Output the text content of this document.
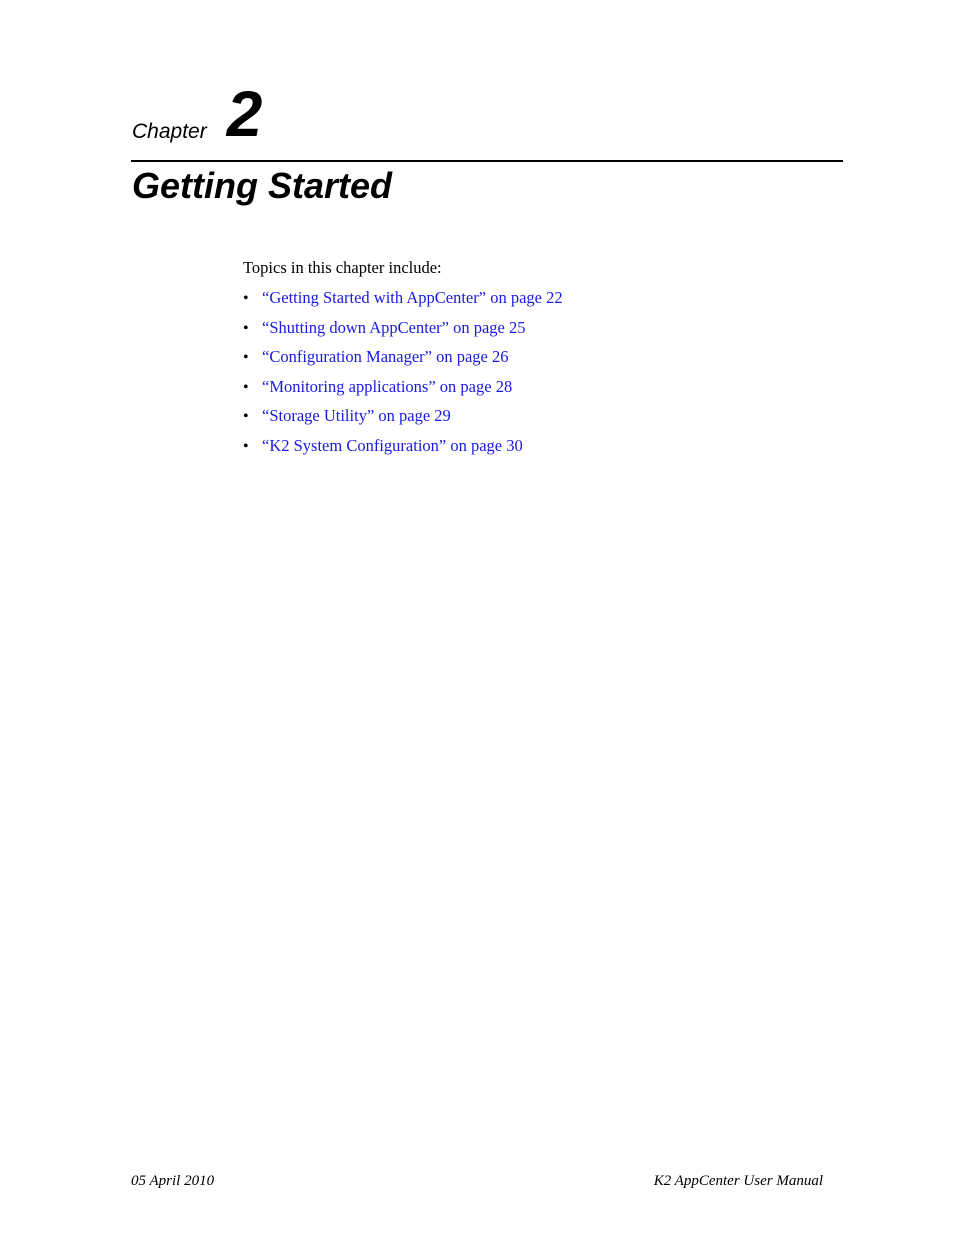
Chapter 2
Getting Started
Topics in this chapter include:
• “Getting Started with AppCenter” on page 22
• “Shutting down AppCenter” on page 25
• “Configuration Manager” on page 26
• “Monitoring applications” on page 28
• “Storage Utility” on page 29
• “K2 System Configuration” on page 30
05 April 2010	K2 AppCenter User Manual
